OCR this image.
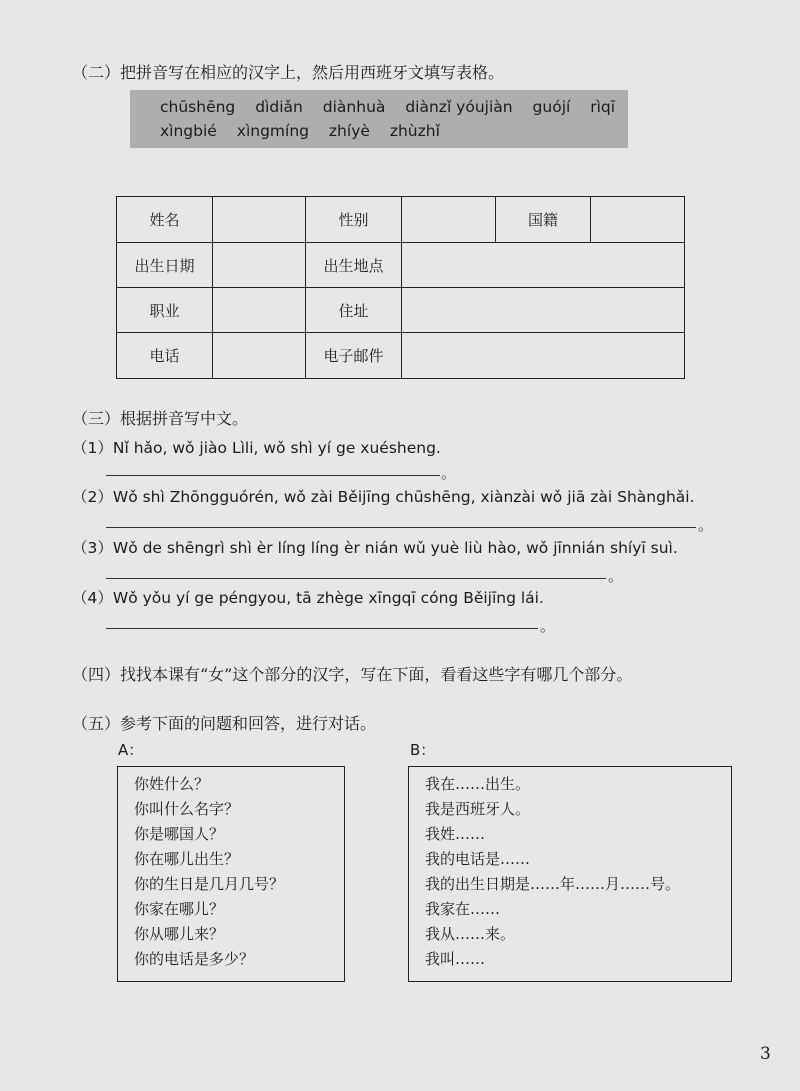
（二）把拼音写在相应的汉字上，然后用西班牙文填写表格。
chūshēng dìdiǎn diànhuà diànzǐ yóujiàn guójí rìqī
xìngbié xìngmíng zhíyè zhùzhǐ
姓名		性别		国籍	
出生日期		出生地点			
职业		住址			
电话		电子邮件			
（三）根据拼音写中文。
（1）Nǐ hǎo, wǒ jiào Lìli, wǒ shì yí ge xuésheng.
。
（2）Wǒ shì Zhōngguórén, wǒ zài Běijīng chūshēng, xiànzài wǒ jiā zài Shànghǎi.
。
（3）Wǒ de shēngrì shì èr líng líng èr nián wǔ yuè liù hào, wǒ jīnnián shíyī suì.
。
（4）Wǒ yǒu yí ge péngyou, tā zhège xīngqī cóng Běijīng lái.
。
（四）找找本课有“女”这个部分的汉字，写在下面，看看这些字有哪几个部分。
（五）参考下面的问题和回答，进行对话。
A：	B：
你姓什么？
你叫什么名字？
你是哪国人？
你在哪儿出生？
你的生日是几月几号？
你家在哪儿？
你从哪儿来？
你的电话是多少？
我在……出生。
我是西班牙人。
我姓……
我的电话是……
我的出生日期是……年……月……号。
我家在……
我从……来。
我叫……
3
